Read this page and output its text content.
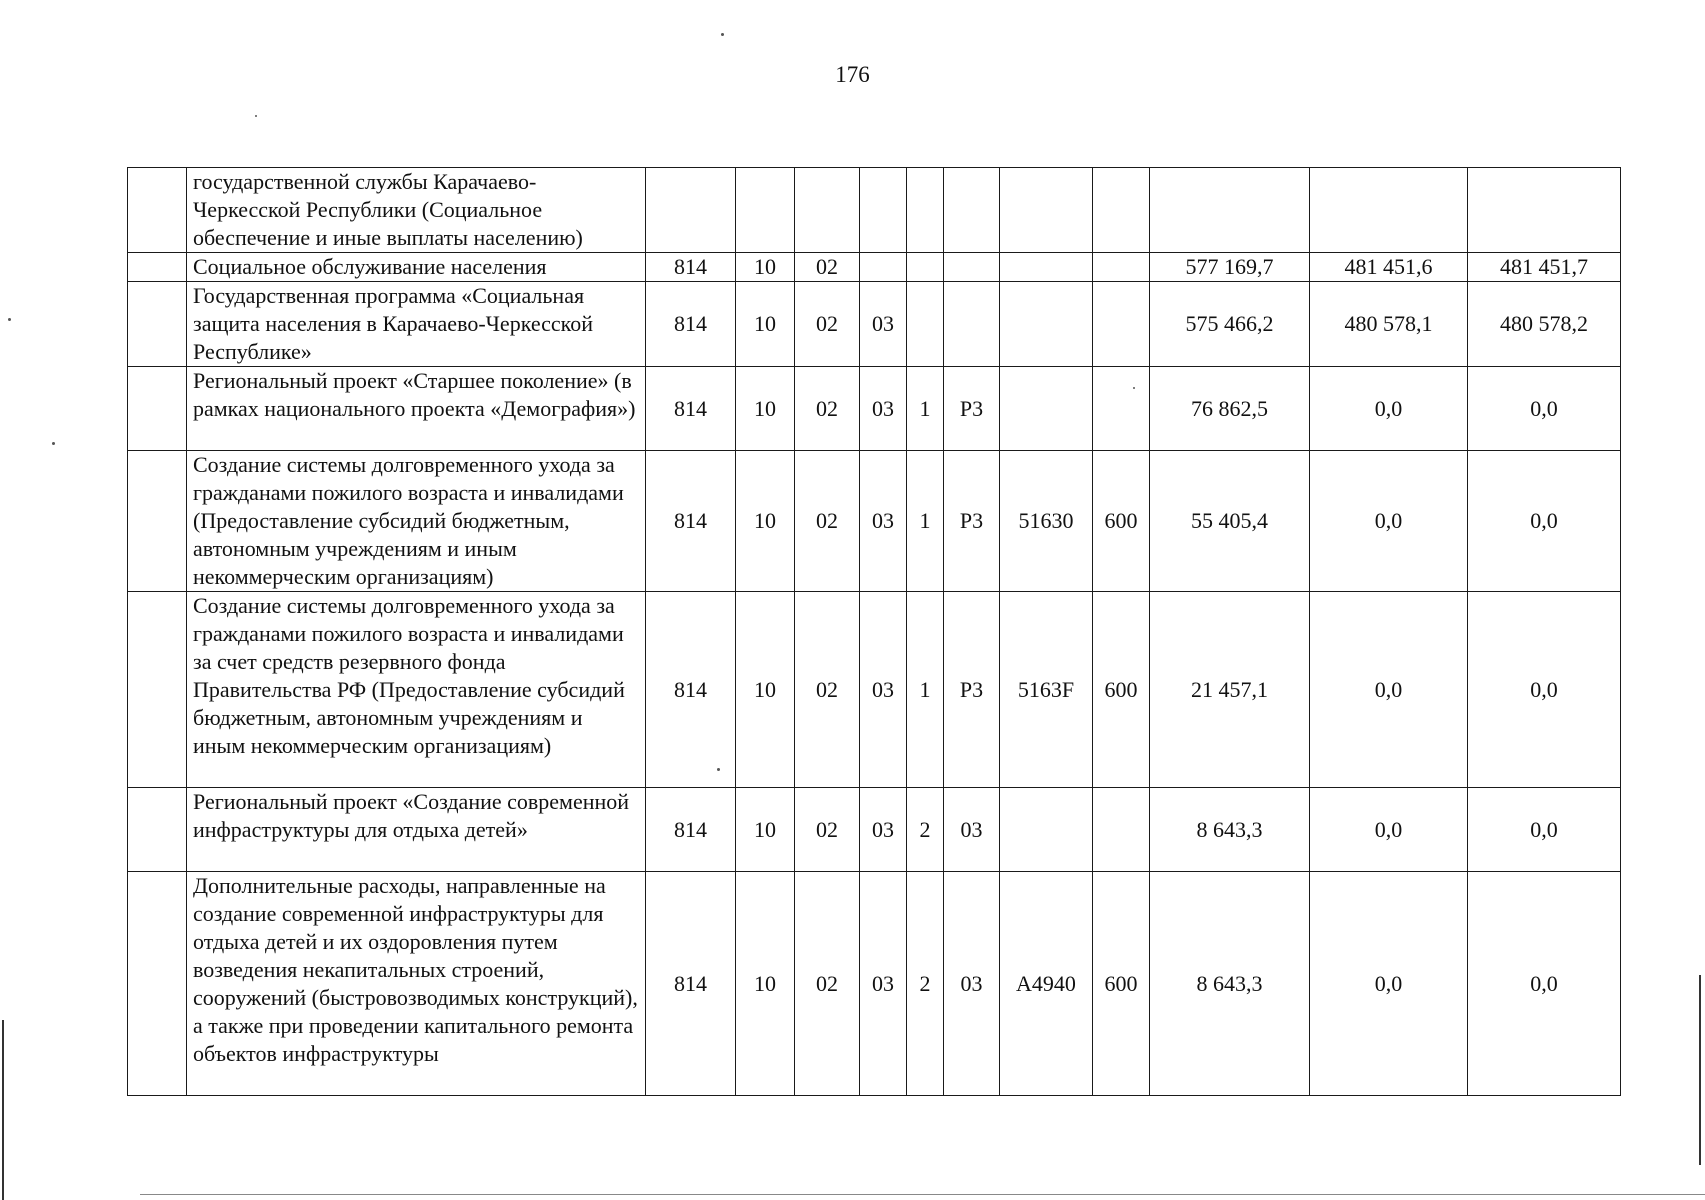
176
	государственной службы Карачаево-Черкесской Республики (Социальное обеспечение и иные выплаты населению)											
	Социальное обслуживание населения	814	10	02						577 169,7	481 451,6	481 451,7
	Государственная программа «Социальная защита населения в Карачаево-Черкесской Республике»	814	10	02	03					575 466,2	480 578,1	480 578,2
	Региональный проект «Старшее поколение» (в рамках национального проекта «Демография»)	814	10	02	03	1	P3			76 862,5	0,0	0,0
	Создание системы долговременного ухода за гражданами пожилого возраста и инвалидами (Предоставление субсидий бюджетным, автономным учреждениям и иным некоммерческим организациям)	814	10	02	03	1	P3	51630	600	55 405,4	0,0	0,0
	Создание системы долговременного ухода за гражданами пожилого возраста и инвалидами за счет средств резервного фонда Правительства РФ (Предоставление субсидий бюджетным, автономным учреждениям и иным некоммерческим организациям)	814	10	02	03	1	P3	5163F	600	21 457,1	0,0	0,0
	Региональный проект «Создание современной инфраструктуры для отдыха детей»	814	10	02	03	2	03			8 643,3	0,0	0,0
	Дополнительные расходы, направленные на создание современной инфраструктуры для отдыха детей и их оздоровления путем возведения некапитальных строений, сооружений (быстровозводимых конструкций), а также при проведении капитального ремонта объектов инфраструктуры	814	10	02	03	2	03	A4940	600	8 643,3	0,0	0,0
